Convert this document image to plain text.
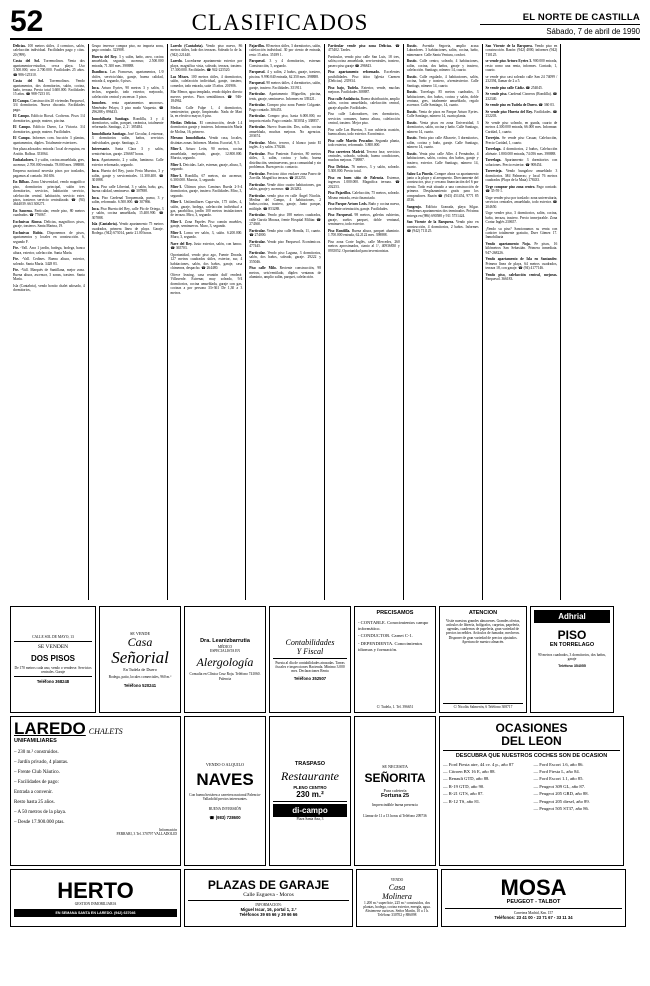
52	CLASIFICADOS	EL NORTE DE CASTILLA
Sábado, 7 de abril de 1990

Delicias. 100 metros útiles, 4 cormicos, salón, calefacción individual. Facilidades pago y citas. 20 (999).

Costa del Sol. Torremolinos. Venta dos apartamentos-estudios, cerca playa. Uso 3.500.000, otro 2.700.000. Facilidades 25 años. ☎ 986-125310.

Costa del Sol. Torremolinos. Vendo apartamentos, dos dormitorios, salón, cocina, baño, terraza. Precio total 3.600.000. Facilidades 15 años. ☎ 988-7253 03.

El Campo. Construcción 20 viviendas Parquesol, 3/4 dormitorios. Nueva disconía. Facilidades pago.

El Campo. Edificio Riosol. Cocheras. Pisos 1/4 dormitorios, garaje, matero, piscina.

El Campo. Edificio Duero, La Victoria. 3/4 dormitorios, garaje, matero. Facilidades.

El Campo. Informes com. bucción 3 plantas, apartamentos, dúplex. Totalmente exteriores.

Sea plaza adosados: entrada / local de esquina, en Arsitín. Balboa. 353064.

Embaladores. 3 y salón, cocina amueblada, gres, ascensor, 2.700.000 entrada. 78.000 mes. 398888.

Empresa nacional necesita pisos por traslados, pagamos al contado. 361656.

En Bilbao. Zona Universidad, vendo magnífico piso, dormitorios principal, salón tres dormitorios, servicios, habitación servicio, calefacción central. habitación, servicio exter. pisos, trasteros servicio centralizado. ☎ (94) 4644039. 663 300271.

En Saucena. Particular, vende piso, 80 metros cuadrados. ☎ 776067.

Exclusivas Alonso. Delicias, magníficos pisos, garaje, trasteros. Santa Marina, 19.

Exclusivas Rubio. Disponemos de pisos, apartamentos y locales en construcción. 6, segundo F.

Fte. -Vall. Arra 1 jardín, bodega, bodega, banca altura, exterior, calefacción. Santa María.

Fte. -Vall. Cedines. Buena altura, exterior, soleado. Santa María. 3428 83.

Fte. -Vall. Marqués de Santillana, mejor zona. Buena altura, ascensor, 3 zonas, trastero. Santa María.

Isla (Cantabria), vendo bonito chalet adosado, 4 dormitorios,

Grupo inversor compra piso, no importa zona, pago contado. 323908.

Huerta del Rey. 3 y salón, baño, aseo, cocina amueblada, segundo, ascensor, 2.500.000 entrada, 71.300 mes. 398888.

Ibanfinca. Las Francesas, apartamentos, 1/0 chifes, servicio/dato, garaje, buena calidad, entrada 4, segundo, 6 pisos.

Inca. Arturo Eyries, 90 metros 3 y salón, 3 techos, segundo, todo exterior, mejorado, calefacción central y ascensor. 5 pisos.

Inmoben. renta apartamentos amorosos. Menéndez Pelayo, 3 piso modo Vaquesto. ☎ 296288 y 896433.

Inmobiliaria Santiago. Rondilla, 3 y 4 dormitorios, salón, parquet, cerámica, totalmente reformado. Santiago, 2, 2º. 385484.

Inmobiliaria Santiago. José Circular, 4 estrenar, 3 dormitorios salón, baños, servicios individuales, garaje. Santiago, 2.

Interesante. Santa Clara 3 y salón, semicéntricas, garaje. 256667 horas.

Inca. Apartamento, 2 y salón, luminoso. Calle exterior reformado, segundo.

Inca. Huerta del Rey, junto Feria Muestra, 3 y salón, garaje y servicentrales. 11.300.400. ☎ 301888.

Inca. Piso calle Libertad, 3 y salón, baño, gas, buena calidad, seminuevo. ☎ 307888.

Inca. Piso Cardenal Torquemada, pumo, 3 y salón, reformado. 6.500.000. ☎ 307866.

Inca. Piso Huerta del Rey, calle Pío de Ortega, 3 y salón, cocina amueblada, 15.400.900. ☎ 307888.

Isla (Cantabria). Vendo apartamento 75 metros cuadrados, primera línea de playa. Garaje. Bodega. (942) 673014, partir 21.00 horas.

Laredo (Cantabria). Vendo piso nuevo, 86 metros útiles, lado dos terrazas. Soleado lo de la. (942) 221440.

Laredo. Lucedarme apartamento exterior por playa, magnífica vista, soleado, terraza, trastero. 17.300.000. Facilidades. ☎ 942-225520.

Las Misses. 100 metros útiles, 4 dormitorios, salón, calefacción individual, garaje, trastero, comedor, todo entrada, suite 15 años. 201906.

Mar Menor, agua templada, vendo dúplex directo nuevos previos. Pisos semiúltimos. ☎ 946-184962.

Medias Calle Falpe 1, 4 dormitorios, semiexterior, garaje, limpiezaño. Nada de Mari la, en efectivo mayor, 6 piso.

Medias Delicias. El construcción, desde 1.4 dormitorios garaje y trasteros. Información María de Molina, 16, primero.

Merano Inmobiliaria. Vendo casa, locales, distintas zonas. Informes. Marina. Escorial, 9, 5.

Miro-3. Arturo León, 90 metros, cocina amueblada, mejorado, garaje, 12.800.000. Murcia, segundo.

Miro-3. Deicidas. Lafe, estrenar, garaje, altura, 5, segundo.

Miro-3. Rondilla, 67 metros, sin ascensor, 6.300.000. Murcia, 3, segundo.

Miro-3. Últimos pisos Caminos Rueda 2-3-4 dormitorios, garaje, trastero. Facilidades. Miro, 3, segundo.

Miro-3. Unifamiliares Capa-són, 175 útiles, 4, salón, garaje, bodega, calefacción individual a gas, parabólica, jardín 100 metros instalaciones de terraza. Miro, 3, segundo.

Miro-3. Zona Papeles Piso común muebles, garaje, seminuevos. Muro, 3, segundo.

Miro-3. Loma ver salón, 3, salón. 6.200.000. Muro, 3, segundo.

Nave del Rey. Justo exterior, salón, con banco. ☎ 365703.

Oportunidad, vendo piso ago, Fuente Dorada. 127 metros cuadrados útiles, exterior, sur, 4 habitaciones, salón, dos baños, garaje, casa chimenea, despacho. ☎ 264480.

Ofrece leasing, casa reunión duff renderá: Villaverde. Estrenar, muy soleado, 9/4 dormitorios, cocina amueblada, garaje con gas, cocinas a por persona 33+361 De 1,30 a 3 metros.

Pajarillos. 80 metros útiles, 3 dormitorios, salón, calefacción individual. 30 por ciento de entrada, resto 15 años. 35189 1.

Parquesol. 3 y 4 dormitorios, estrenar. Construcción, 5, segundo.

Parquesol. 4 y salón, 2 baños, garaje, trastero, piscina. 9.990.040 entrada, 62.350 mes. 398888.

Parquesol. 90 metros útiles, 4 dormitorios, salón, garaje, trastero. Facilidades. 351911.

Particular. Apartamento Miguelón, piscina, tenis, garaje, seminuevo. Informes en 339221.

Particular. Compro piso zona Puente Colgante. Pago contado. 306453.

Particular. Compro piso, hasta 6.000.000, no importa estado. Pago contado. 303034 y 338857.

Particular. Nuevo Asunción. Dos, salón, cocina amueblada, muchas mejoras. No agencias. 203674.

Particular. Mirto, tercero, 4 blanco junto El inglés. 4 y salón. 370246.

Particular. Piso Poniente. Exterior, 80 metros útiles, 3, salón, cocina y baño, buena distribución, seminueveras, poca comunidad y sin problemas. Buen precio. contacto.

Particular. Precioso ático enclave zona Paseo de Zorrilla. Magnífica terraza. ☎ 202253.

Particular. Vende ático cuatro habitaciones, gas salón, garaje y ascensor. ☎ 263282.

Particular. vendo piso en calle Ángel Nicolás. Medina del Campo, 4 habitaciones, 2 baños,cocina, trastero, garaje, Junto parque, múltiple. ☎ 853288.

Particular. Vendo piso 188 metros cuadrados, calle García Moraza, frente Hospital Militar. ☎ 274360.

Particular. Vendo piso calle Homila, 11, cuarto. ☎ 274000.

Particular. Vendo piso Parquesol. Económicos. 477445.

Particular. Vendo piso Laguna, 3 dormitorios, salón, dos baños, soleado, garaje. 29222 y 355046.

Piso calle Milo. Reciente construcción, 98 metros, seis/ventilado, dúplex ventanas de aluminio, amplio salón, parquet, calefacción.

Particular vende piso zona Delicias. ☎ 475402. Tardes.

Particular, vendo piso calle San Luis, 18 tres, salón,cocina amueblada, servicentrales, trastero, pasero piso garaje ☎ 296843.

Piso apartamento reformado. Excelentes posibilidades. Piso útico Iglesia Carmen (Delicias). 235934.

Piso bajo, Tudela. Exterior, vende, muchas mejoras. Facilidades 308887.

Piso calle Andalucía. Buena distribución, amplio salón, cocina amueblada, calefacción central, garaje alquiler. Facilidades.

Piso calle Laboradores, tres dormitorios, servicios comunes, buena altura, calefacción central, trastero. Mejor piso.

Piso calle Las Huertas, 3 con cubierta ocasión, buena altura, todo exterior. Económico.

Piso calle Martín Pescador. Segunda planta, todo exterior, reformado. 5.800.000.

Piso carretera Madrid. Tercera fase, servicios centrales, soleado, soleado, buena condiciones, muchas mejoras. 738887.

Piso Delicias. 76 metros, 3 y salón, soleado. 5.300.000. Precio total.

Piso en buen sitio de Palencia. Estrenar, ingresos 1.000.000. Magnifica terraza. ☎ 202253.

Piso Pajarillos. Calefacción, 75 metros, soleado. Mismo entrada, resto financiado.

Piso Parque Arturo Leds. Baño y cocina nueva, excelente orientación, garaje. Facilidades.

Piso Parquesol. 98 metros, galerías cubiertas, garaje, suelos parquet, doble ventanal, seminuevo, todo exterior.

Piso Rondilla. Buena altura, parquet aluminio. 1.700.000 entrada, 62.2122 mes. 398888.

Piso zona Corte Inglés, calle Mercedes, 260 metros aproximados, cianio al 1º, 40936830 y 0935052. Oportunidad para inversionistas.

Rustic. Avenida Segovia, amplio acasa Labradores. 3 habitaciones, salón, cocina, baño, mimenarre. Calle Santa Ventura, confort.

Rustic. Calle centro, soleado, 4 habitaciones, salón, cocina, dos baños, garaje y trastero, calefacción. Santiago, número 14, cuarto.

Rustic. Calle regalado, 4 habitaciones, salón, cocina, baño y trastero, a/semiexterior. Calle Santiago, número 14, cuarto.

Rustic. Torrelago. 85 metros cuadrados, 3 habitaciones, dos baños, cocina y salón, doble ventana, gres, totalmente amueblado, regalo ascensor. Calle Santiago, 14, cuarto.

Rustic. Venta de pisos en Parque Arturo Eyries. Calle Santiago, número 14, cuarta planta.

Rustic. Venta pisos en zona Universidad, 3 dormitorios, salón, cocina y baño. Calle Santiago, número 14, cuarto.

Rustic. Venta piso calle Albacete, 3 dormitorios, salón, cocina y baño, garaje. Calle Santiago, número 14, cuarto.

Rustic. Venta piso calle Aller. 4 Fernández, 4 habitaciones, salón, cocina, dos baños, garaje y trastero, exterior. Calle Santiago, número 14, cuarto.

Salou-La Pineda. Compre ahora su apartamento junto a la playa y al aeropuerto. Directamente del constructor, piso y cercana financiación del 6 por ciento. Todo está situado a una construcción de primera. Desplazamiento gratis para los compradores. Razón ☎ (943) 451454, 9771 85 4536.

Sangenjo. Edificio Granada, playa Silgar. Vendemos apartamentos dos terminados. Próxima entrega en (986) 690588 y 911 5751424.

San Vicente de la Barquera. Vendo piso en construcción, 4 dormitorios, 2 baños. Informes ☎ (942) 711125.

San Vicente de la Barquera. Vendo piso en construcción. Razón: (942) 4000, informes (942) 710125.

se vende piso Arturo Eyries 3. 900.000 entrada, resto como una renta, informes. Contado, 1, cuarto.

se vende piso casi soleado calle San 24 74099 / 232394, llamar de 2 a 5.

Se vende piso calle Cádiz. ☎ 254045.

Se vende piso. Cardenal Cisneros (Rondilla). ☎ 232340.

Se vende piso en Tudela de Duero. ☎ 360 03.

Se vende piso Huerta del Rey. Facilidades. ☎ 252203.

Se vende piso soleado, en gunda, cuarto de metros 4.300.000 entrada, 66.000 mes. Informan: Caridad, 1, cuarto.

Torrejón. Se vende piso Casuar, Calefacción, Precio Caridad, 1, cuarto.

Torrelaga. 4 dormitorios, 2 baños, Calefacción aliénate. 1.800.000 entrada, 74.056 mes. 398888.

Torrelaga. Apartamento 3 dormitorios con soluciones. Precio exterior. ☎ 908454.

Torrevieja. Vendo bungalow amueblado 3 dormitorios. Mil Palmeras; y local 76 metros cuadrados (Playa de la Mata) 178433.

Urge comprar piso zona centro. Pago contado. ☎ 35-59 1.

Urge vender piso por traslado: zona universitaria, servicios centrales, amueblado, todo exterior. ☎ 204650.

Urge vender piso, 3 dormitorios, salón, cocina, baño, terraza, trastero. Precio inmejorable. Zona Cortar Inglés 230657.

¡Vendo su piso? Sancionamos su venta con carácter totalmente gratuito, Duer Gómez 17. Inmobiliaria

Vendo apartamento Noja. Pe pisos, 16 kilómetros San Sebastián. Primera inmediata. 947-268226.

Vendo apartamento de Isla en Santander. Primera línea de playa, 64 metros cuadrados, terraza 18, con garaje. ☎ (94) 4177146.

Vendo piso, calefacción central, mejoras. Parquesol. 366183.

CALLE SOL DE MAYO, 13
SE VENDEN
DOS PISOS
De 170 metros cada uno, vendo o venderse. Servicios centrales. Garaje
Teléfono 368248
SE VENDE
Casa
Señorial
En Tudela de Duero
Bodega, patio, locales comerciales, 960 m.²
Teléfono 520241
Dra. Leanizbarrutia
MÉDICO
ESPECIALISTA EN
Alergología
Consulta en Clínica Cruz Roja. Teléfono 741060. Palencia
Contabilidades
Y Fiscal
Puesta al día de contabilidades atrasadas. Tareas fiscales e inspecciones Hacienda. Mínimo 3.000 mes. Declaraciones Renta
Teléfono 352507
PRECISAMOS
- CONTABLE. Conocimientos campo informático.
- CONDUCTOR. Carnet C-1.
- DEPENDIENTA. Conocimientos idiomas y formación.
C/ Tudela, 1. Tel. 396651
ATENCION
Visite nuestras grandes almacenes. Grandes ofertas, artículos de librería, bolígrafos, carpetas, papelería, agendas, cuadernos de papelería, gran variedad de precios increíbles. Artículos de fumador, mecheros. Disponer de gran variedad de precios ajustados. Apertura de nuestro almacén.
C/ Nicolás Salmerón, 6 Teléfono 308717
Adhrial
PISO
EN TORRELAGO
90 metros cuadrados, 3 dormitorios, dos baños, garaje
Teléfono 354055
LAREDO CHALETS
UNIFAMILIARES
– 230 m.² construidos.
– Jardín privado, 4 plantas.
– Frente Club Náutico.
– Facilidades de pago:
Entrada a convenir.
Resto hasta 25 años.
– A 50 metros de la playa.
– Desde 17.900.000 ptas.
Información
FERRARI, 3 Tel. 370797 VALLADOLID
VENDO O ALQUILO
NAVES
Con buena hectárea a carretera nacional Palencia-Valladolid precios interesantes.
BUENA INVERSIÓN
☎ (983) 728600
TRASPASO
Restaurante
PLENO CENTRO
230 m.²
di-campo
Plaza Santa Ana, 3
SE NECESITA
SEÑORITA
Para cafetería
Fortuna 25
Imprescindible buena presencia
Llamar de 11 a 13 horas al Teléfono 209736
OCASIONES
DEL LEON
DESCUBRA QUE NUESTROS COCHES SON DE OCASION
— Ford Fiesta aire, 44 cv. 4 p., año 87
— Citroen BX 16 E, año 88.
— Renault GTD, año 88.
— R-19 GTD, año 90.
— R-21 GTS, año 87.
— R-12 TS, año 81.
— Ford Escort 1.6, año 86.
— Ford Fiesta L, año 84.
— Ford Escort 1.1, año 85.
— Peugeot 309 GL, año 87.
— Peugeot 205 GRD, año 88.
— Peugeot 205 diesel, año 89.
— Peugeot 505 ST37, año 86.
HERTO
GESTION INMOBILIARIA
EN SEMANA SANTA EN LAREDO. (942) 637046
PLAZAS DE GARAJE
Calle Esguevа - Moros
INFORMACION:
Miguel Iscar, 16, portal 1, 2.º
Teléfonos 39 65 66 y 39 66 66
VENDO
Casa
Molinera
1.200 m.² superficie, 225 m.² construidos, dos plantas, bodega, cocina exterior, energía, agua.
Abstenerse curiosos. Señor Martín, 10 a 1 h. Teléfono 330702 y 886098
MOSA
PEUGEOT - TALBOT
Carretera Madrid, Km. 157
Teléfonos: 23 41 00 - 23 71 67 - 33 11 34
